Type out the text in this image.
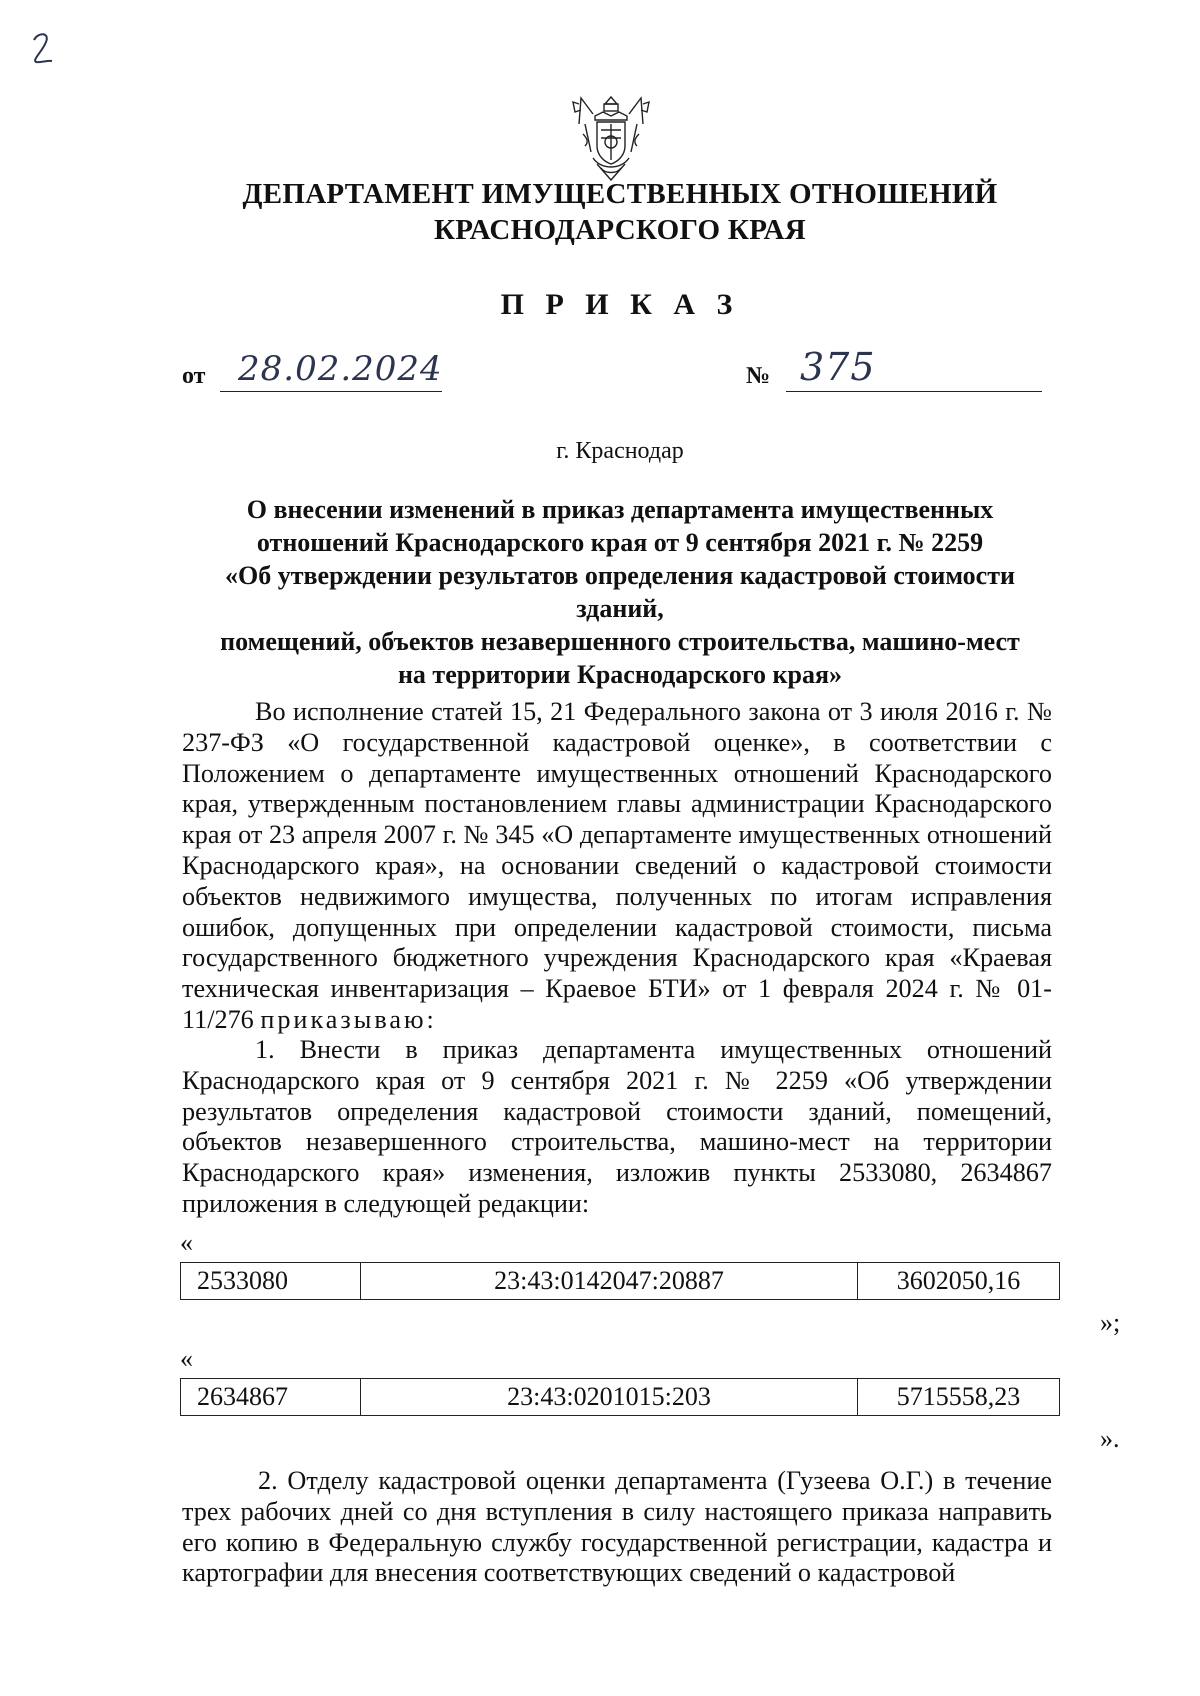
ДЕПАРТАМЕНТ ИМУЩЕСТВЕННЫХ ОТНОШЕНИЙ
КРАСНОДАРСКОГО КРАЯ
П Р И К А З
от 28.02.2024	№ 375
г. Краснодар
О внесении изменений в приказ департамента имущественных
отношений Краснодарского края от 9 сентября 2021 г. № 2259
«Об утверждении результатов определения кадастровой стоимости зданий,
помещений, объектов незавершенного строительства, машино-мест
на территории Краснодарского края»
Во исполнение статей 15, 21 Федерального закона от 3 июля 2016 г. № 237-ФЗ «О государственной кадастровой оценке», в соответствии с Положением о департаменте имущественных отношений Краснодарского края, утвержденным постановлением главы администрации Краснодарского края от 23 апреля 2007 г. № 345 «О департаменте имущественных отношений Краснодарского края», на основании сведений о кадастровой стоимости объектов недвижимого имущества, полученных по итогам исправления ошибок, допущенных при определении кадастровой стоимости, письма государственного бюджетного учреждения Краснодарского края «Краевая техническая инвентаризация – Краевое БТИ» от 1 февраля 2024 г. № 01-11/276 приказываю:
1. Внести в приказ департамента имущественных отношений Краснодарского края от 9 сентября 2021 г. № 2259 «Об утверждении результатов определения кадастровой стоимости зданий, помещений, объектов незавершенного строительства, машино-мест на территории Краснодарского края» изменения, изложив пункты 2533080, 2634867 приложения в следующей редакции:
«
2533080	23:43:0142047:20887	3602050,16
»;
«
2634867	23:43:0201015:203	5715558,23
».
2. Отделу кадастровой оценки департамента (Гузеева О.Г.) в течение трех рабочих дней со дня вступления в силу настоящего приказа направить его копию в Федеральную службу государственной регистрации, кадастра и картографии для внесения соответствующих сведений о кадастровой
